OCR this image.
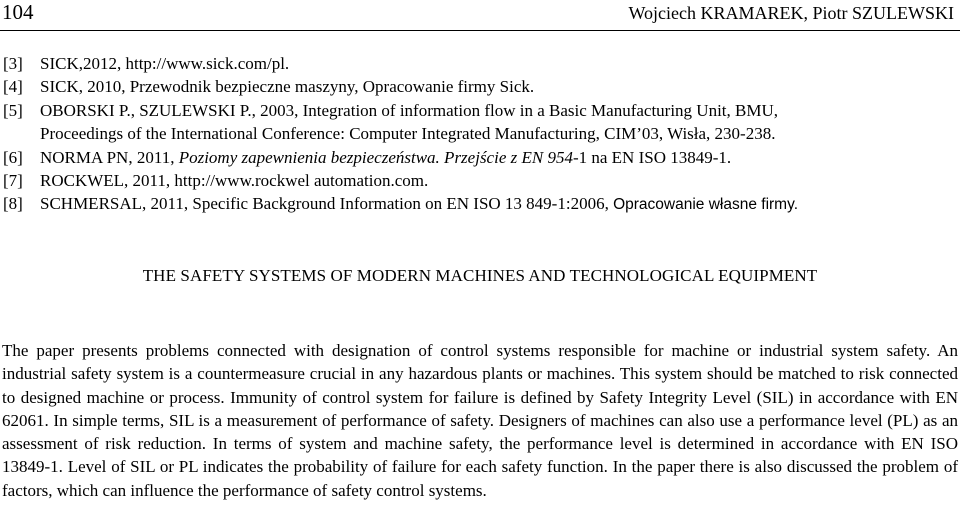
104	Wojciech KRAMAREK, Piotr SZULEWSKI
[3] SICK,2012, http://www.sick.com/pl.
[4] SICK, 2010, Przewodnik bezpieczne maszyny, Opracowanie firmy Sick.
[5] OBORSKI P., SZULEWSKI P., 2003, Integration of information flow in a Basic Manufacturing Unit, BMU,
Proceedings of the International Conference: Computer Integrated Manufacturing, CIM’03, Wisła, 230-238.
[6] NORMA PN, 2011, Poziomy zapewnienia bezpieczeństwa. Przejście z EN 954-1 na EN ISO 13849-1.
[7] ROCKWEL, 2011, http://www.rockwel automation.com.
[8] SCHMERSAL, 2011, Specific Background Information on EN ISO 13 849-1:2006, Opracowanie własne firmy.
THE SAFETY SYSTEMS OF MODERN MACHINES AND TECHNOLOGICAL EQUIPMENT
The paper presents problems connected with designation of control systems responsible for machine or industrial system safety. An industrial safety system is a countermeasure crucial in any hazardous plants or machines. This system should be matched to risk connected to designed machine or process. Immunity of control system for failure is defined by Safety Integrity Level (SIL) in accordance with EN 62061. In simple terms, SIL is a measurement of performance of safety. Designers of machines can also use a performance level (PL) as an assessment of risk reduction. In terms of system and machine safety, the performance level is determined in accordance with EN ISO 13849-1. Level of SIL or PL indicates the probability of failure for each safety function. In the paper there is also discussed the problem of factors, which can influence the performance of safety control systems.
